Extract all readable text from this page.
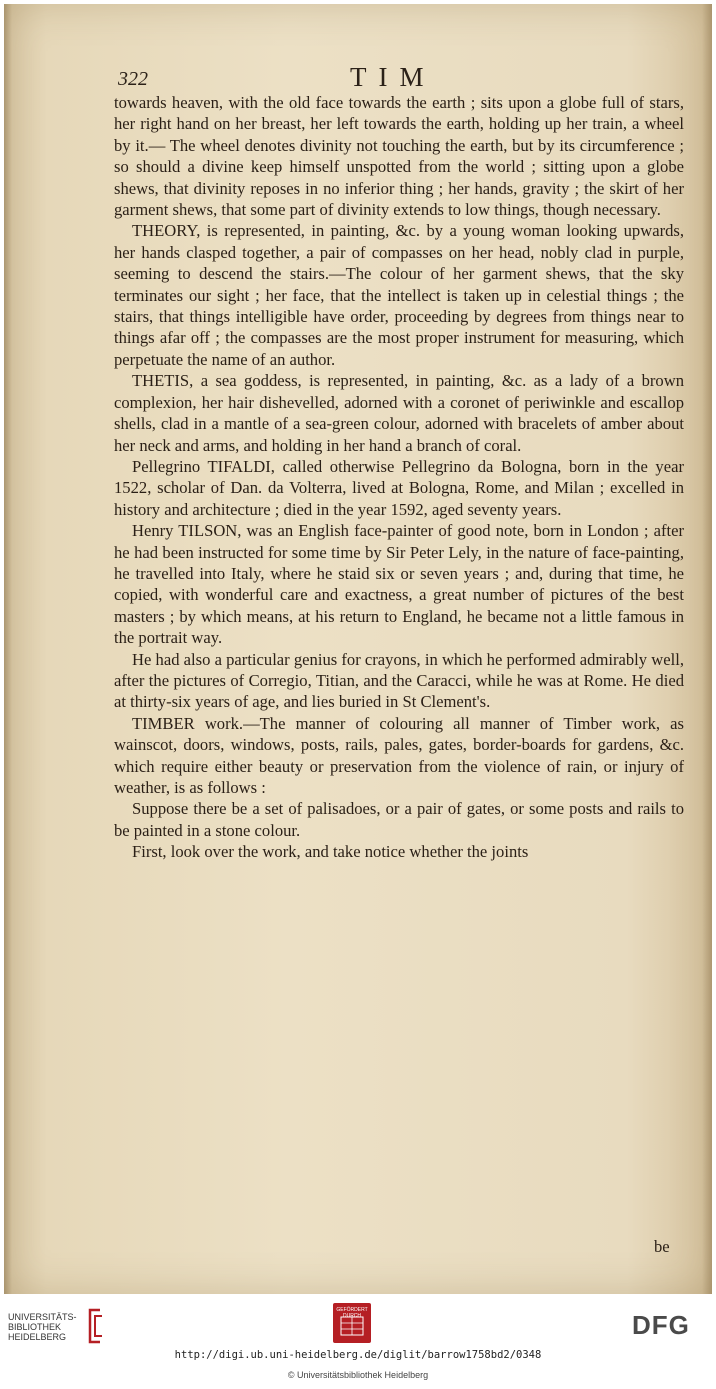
322	TIM

towards heaven, with the old face towards the earth ; sits upon a globe full of stars, her right hand on her breast, her left towards the earth, holding up her train, a wheel by it.— The wheel denotes divinity not touching the earth, but by its circumference ; so should a divine keep himself unspotted from the world ; sitting upon a globe shews, that divinity reposes in no inferior thing ; her hands, gravity ; the skirt of her garment shews, that some part of divinity extends to low things, though necessary.

THEORY, is represented, in painting, &c. by a young woman looking upwards, her hands clasped together, a pair of compasses on her head, nobly clad in purple, seeming to descend the stairs.—The colour of her garment shews, that the sky terminates our sight ; her face, that the intellect is taken up in celestial things ; the stairs, that things intelligible have order, proceeding by degrees from things near to things afar off ; the compasses are the most proper instrument for measuring, which perpetuate the name of an author.

THETIS, a sea goddess, is represented, in painting, &c. as a lady of a brown complexion, her hair dishevelled, adorned with a coronet of periwinkle and escallop shells, clad in a mantle of a sea-green colour, adorned with bracelets of amber about her neck and arms, and holding in her hand a branch of coral.

Pellegrino TIFALDI, called otherwise Pellegrino da Bologna, born in the year 1522, scholar of Dan. da Volterra, lived at Bologna, Rome, and Milan ; excelled in history and architecture ; died in the year 1592, aged seventy years.

Henry TILSON, was an English face-painter of good note, born in London ; after he had been instructed for some time by Sir Peter Lely, in the nature of face-painting, he travelled into Italy, where he staid six or seven years ; and, during that time, he copied, with wonderful care and exactness, a great number of pictures of the best masters ; by which means, at his return to England, he became not a little famous in the portrait way.

He had also a particular genius for crayons, in which he performed admirably well, after the pictures of Corregio, Titian, and the Caracci, while he was at Rome. He died at thirty-six years of age, and lies buried in St Clement's.

TIMBER work.—The manner of colouring all manner of Timber work, as wainscot, doors, windows, posts, rails, pales, gates, border-boards for gardens, &c. which require either beauty or preservation from the violence of rain, or injury of weather, is as follows :

Suppose there be a set of palisadoes, or a pair of gates, or some posts and rails to be painted in a stone colour.

First, look over the work, and take notice whether the joints

be
UNIVERSITÄTS-
BIBLIOTHEK
HEIDELBERG
GEFÖRDERT DURCH	DFG
http://digi.ub.uni-heidelberg.de/diglit/barrow1758bd2/0348
© Universitätsbibliothek Heidelberg
